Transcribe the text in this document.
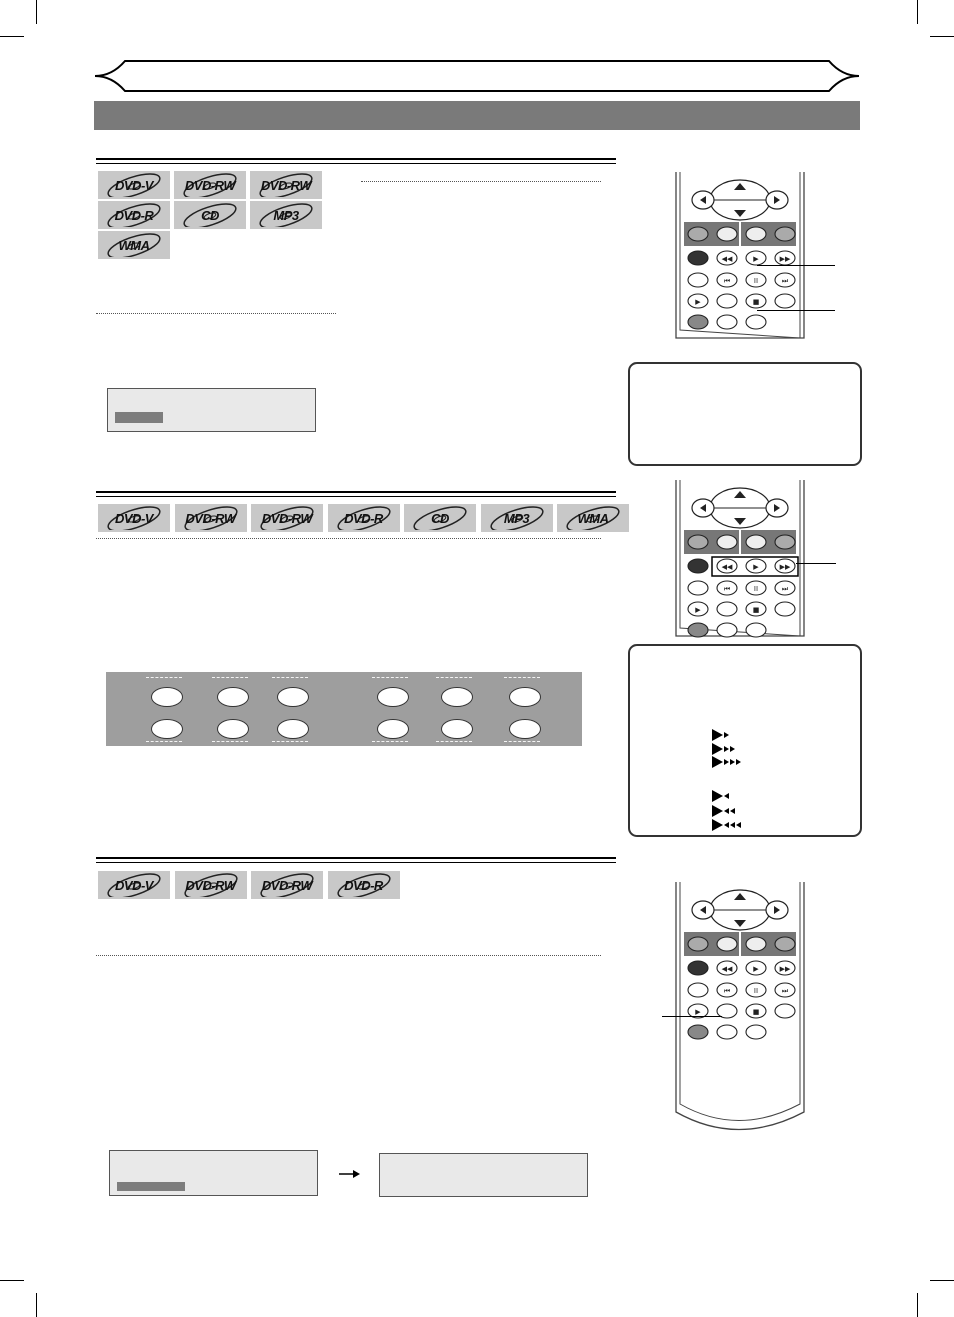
DVD-V	DVD-RW	DVD-RW
DVD-R	CD	MP3
WMA
◀◀	▶	▶▶
⏮	II	⏭
▶	■
DVD-V	DVD-RW	DVD-RW	DVD-R	CD	MP3	WMA
◀◀	▶	▶▶
⏮	II	⏭
▶	■
DVD-V	DVD-RW	DVD-RW	DVD-R
◀◀	▶	▶▶
⏮	II	⏭
▶	■
